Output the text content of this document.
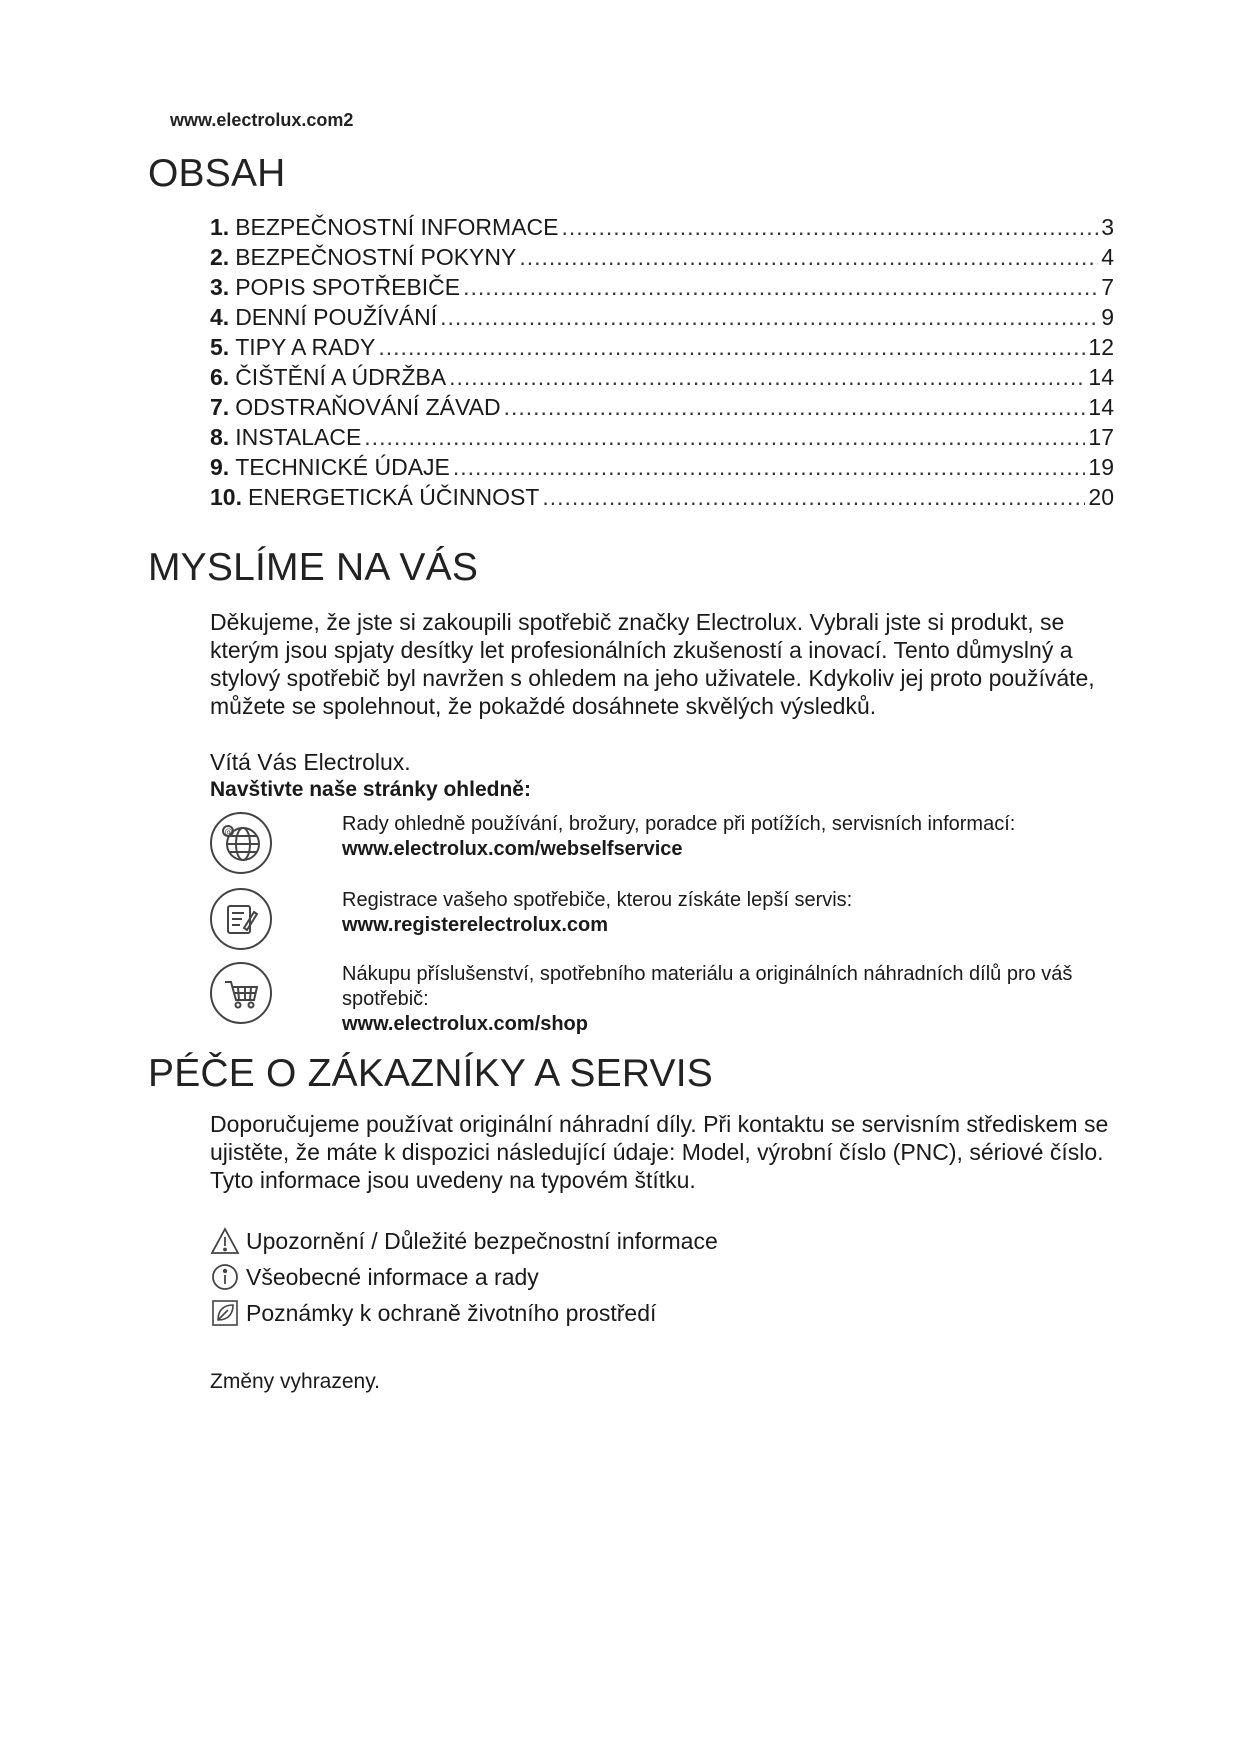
www.electrolux.com2
OBSAH
1. BEZPEČNOSTNÍ INFORMACE .....	3
2. BEZPEČNOSTNÍ POKYNY .....	4
3. POPIS SPOTŘEBIČE .....	7
4. DENNÍ POUŽÍVÁNÍ .....	9
5. TIPY A RADY .....	12
6. ČIŠTĚNÍ A ÚDRŽBA .....	14
7. ODSTRAŇOVÁNÍ ZÁVAD .....	14
8. INSTALACE .....	17
9. TECHNICKÉ ÚDAJE .....	19
10. ENERGETICKÁ ÚČINNOST .....	20
MYSLÍME NA VÁS

Děkujeme, že jste si zakoupili spotřebič značky Electrolux. Vybrali jste si produkt, se kterým jsou spjaty desítky let profesionálních zkušeností a inovací. Tento důmyslný a stylový spotřebič byl navržen s ohledem na jeho uživatele. Kdykoliv jej proto používáte, můžete se spolehnout, že pokaždé dosáhnete skvělých výsledků.

Vítá Vás Electrolux.

Navštivte naše stránky ohledně:

@	Rady ohledně používání, brožury, poradce při potížích, servisních informací:
www.electrolux.com/webselfservice
Registrace vašeho spotřebiče, kterou získáte lepší servis:
www.registerelectrolux.com
Nákupu příslušenství, spotřebního materiálu a originálních náhradních dílů pro váš spotřebič:
www.electrolux.com/shop
PÉČE O ZÁKAZNÍKY A SERVIS

Doporučujeme používat originální náhradní díly. Při kontaktu se servisním střediskem se ujistěte, že máte k dispozici následující údaje: Model, výrobní číslo (PNC), sériové číslo. Tyto informace jsou uvedeny na typovém štítku.

Upozornění / Důležité bezpečnostní informace
Všeobecné informace a rady
Poznámky k ochraně životního prostředí
Změny vyhrazeny.
